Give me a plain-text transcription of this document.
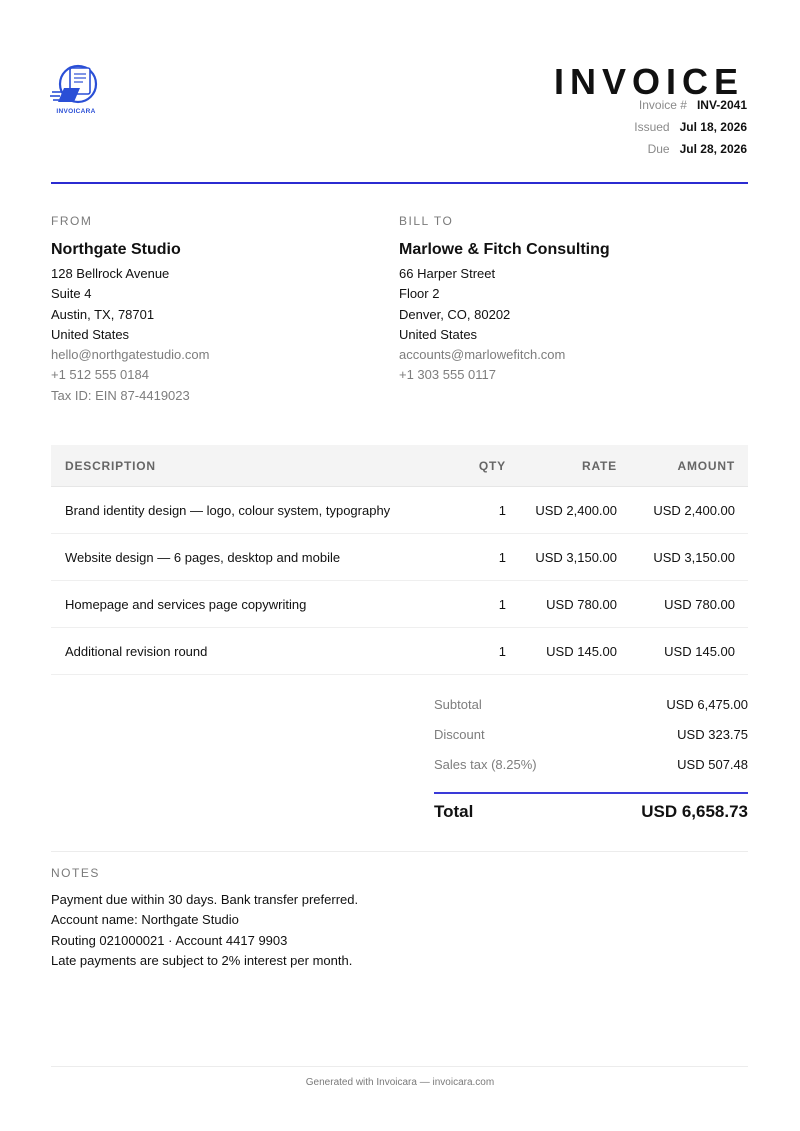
INVOICARA
INVOICE
Invoice # INV-2041
Issued Jul 18, 2026
Due Jul 28, 2026
FROM
Northgate Studio
128 Bellrock Avenue
Suite 4
Austin, TX, 78701
United States
hello@northgatestudio.com
+1 512 555 0184
Tax ID: EIN 87-4419023
BILL TO
Marlowe & Fitch Consulting
66 Harper Street
Floor 2
Denver, CO, 80202
United States
accounts@marlowefitch.com
+1 303 555 0117
DESCRIPTION	QTY	RATE	AMOUNT
Brand identity design — logo, colour system, typography	1	USD 2,400.00	USD 2,400.00
Website design — 6 pages, desktop and mobile	1	USD 3,150.00	USD 3,150.00
Homepage and services page copywriting	1	USD 780.00	USD 780.00
Additional revision round	1	USD 145.00	USD 145.00
Subtotal	USD 6,475.00
Discount	USD 323.75
Sales tax (8.25%)	USD 507.48
Total	USD 6,658.73
NOTES
Payment due within 30 days. Bank transfer preferred.
Account name: Northgate Studio
Routing 021000021 · Account 4417 9903
Late payments are subject to 2% interest per month.
Generated with Invoicara — invoicara.com
